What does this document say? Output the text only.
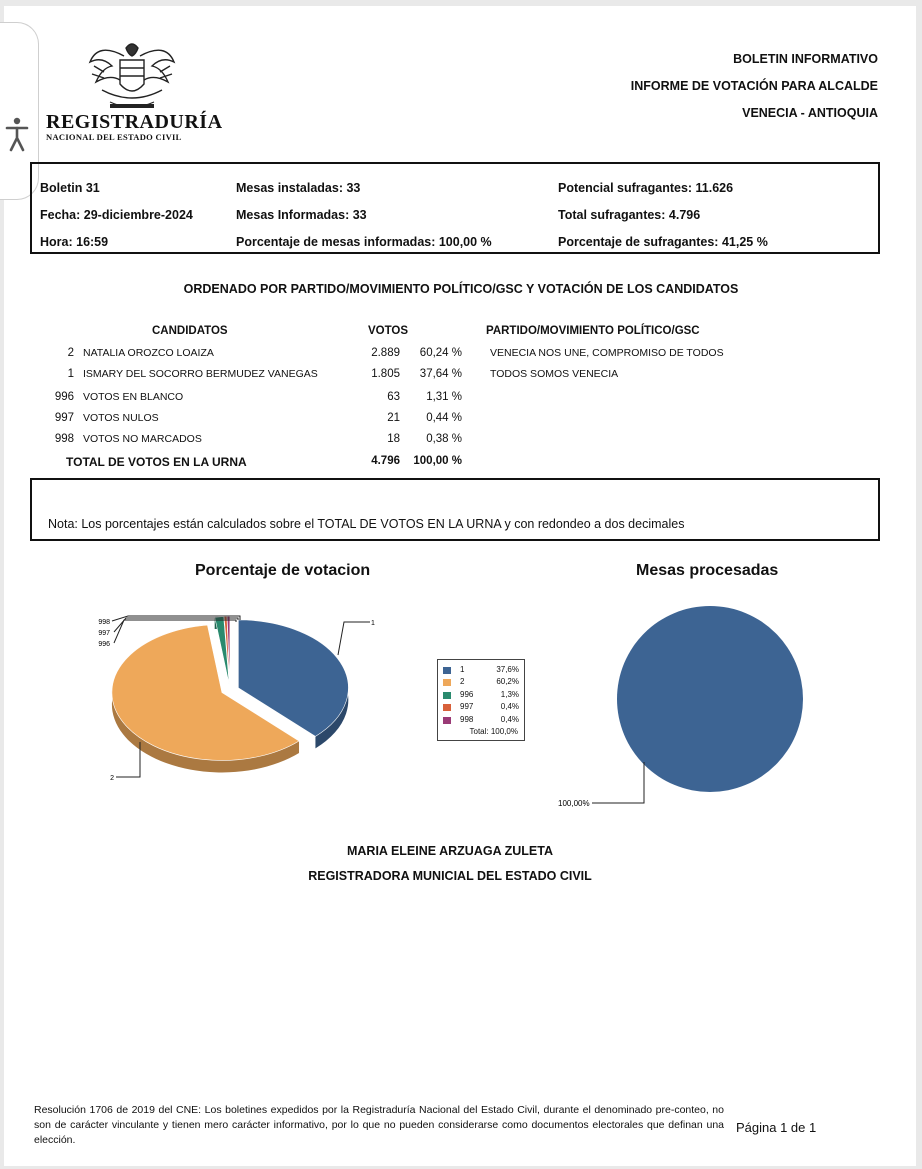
REGISTRADURÍA
NACIONAL DEL ESTADO CIVIL
BOLETIN INFORMATIVO
INFORME DE VOTACIÓN PARA ALCALDE
VENECIA - ANTIOQUIA
Boletin 31
Fecha: 29-diciembre-2024
Hora: 16:59
Mesas instaladas: 33
Mesas Informadas: 33
Porcentaje de mesas informadas: 100,00 %
Potencial sufragantes: 11.626
Total sufragantes: 4.796
Porcentaje de sufragantes: 41,25 %
ORDENADO POR PARTIDO/MOVIMIENTO POLÍTICO/GSC Y VOTACIÓN DE LOS CANDIDATOS
CANDIDATOS	VOTOS	PARTIDO/MOVIMIENTO POLÍTICO/GSC
2 NATALIA OROZCO LOAIZA	2.889	60,24 %	VENECIA NOS UNE, COMPROMISO DE TODOS
1 ISMARY DEL SOCORRO BERMUDEZ VANEGAS	1.805	37,64 %	TODOS SOMOS VENECIA
996 VOTOS EN BLANCO	63	1,31 %
997 VOTOS NULOS	21	0,44 %
998 VOTOS NO MARCADOS	18	0,38 %
TOTAL DE VOTOS EN LA URNA	4.796	100,00 %
Nota: Los porcentajes están calculados sobre el TOTAL DE VOTOS EN LA URNA y con redondeo a dos decimales
Porcentaje de votacion	Mesas procesadas
1
2
998
997
996
1	37,6%
2	60,2%
996	1,3%
997	0,4%
998	0,4%
Total: 100,0%
100,00%
MARIA ELEINE ARZUAGA ZULETA
REGISTRADORA MUNICIAL DEL ESTADO CIVIL
Resolución 1706 de 2019 del CNE: Los boletines expedidos por la Registraduría Nacional del Estado Civil, durante el denominado pre-conteo, no son de carácter vinculante y tienen mero carácter informativo, por lo que no pueden considerarse como documentos electorales que definan una elección.
Página 1 de 1
